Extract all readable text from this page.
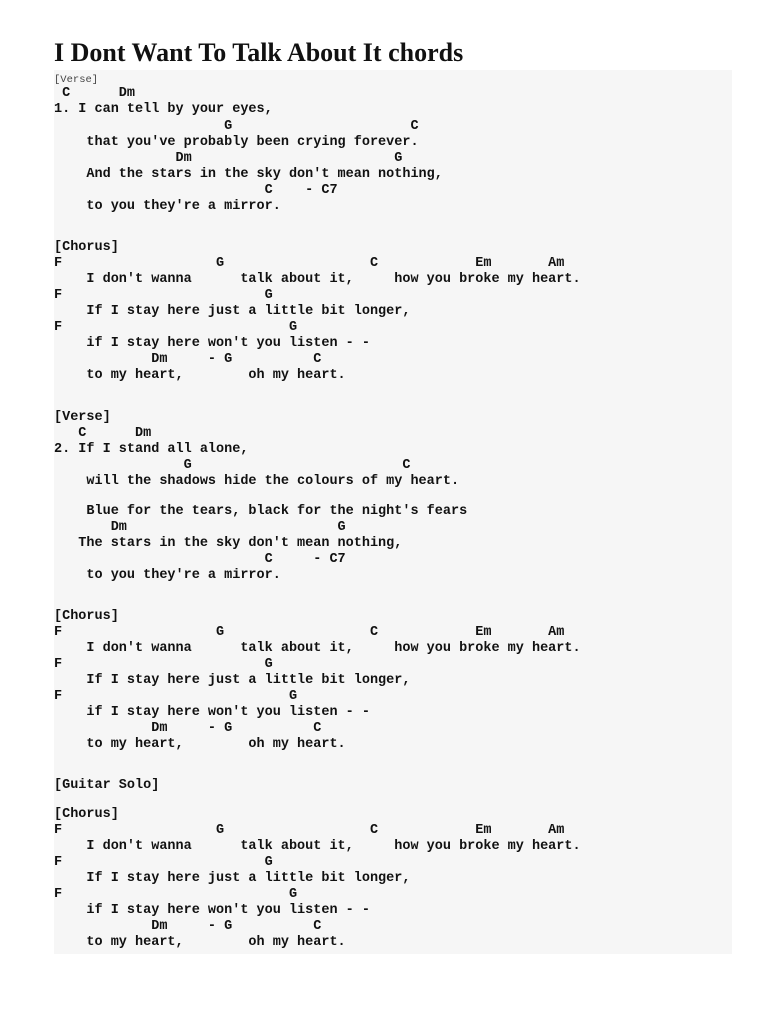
I Dont Want To Talk About It chords
[Verse]
C      Dm
1. I can tell by your eyes,
G                      C
that you've probably been crying forever.
Dm                         G
And the stars in the sky don't mean nothing,
C    - C7
to you they're a mirror.
[Chorus]
F                   G                  C            Em       Am
I don't wanna      talk about it,     how you broke my heart.
F                         G
If I stay here just a little bit longer,
F                            G
if I stay here won't you listen - -
Dm     - G          C
to my heart,        oh my heart.
[Verse]
C      Dm
2. If I stand all alone,
G                          C
will the shadows hide the colours of my heart.
Blue for the tears, black for the night's fears
Dm                          G
The stars in the sky don't mean nothing,
C     - C7
to you they're a mirror.
[Chorus]
F                   G                  C            Em       Am
I don't wanna      talk about it,     how you broke my heart.
F                         G
If I stay here just a little bit longer,
F                            G
if I stay here won't you listen - -
Dm     - G          C
to my heart,        oh my heart.
[Guitar Solo]
[Chorus]
F                   G                  C            Em       Am
I don't wanna      talk about it,     how you broke my heart.
F                         G
If I stay here just a little bit longer,
F                            G
if I stay here won't you listen - -
Dm     - G          C
to my heart,        oh my heart.
